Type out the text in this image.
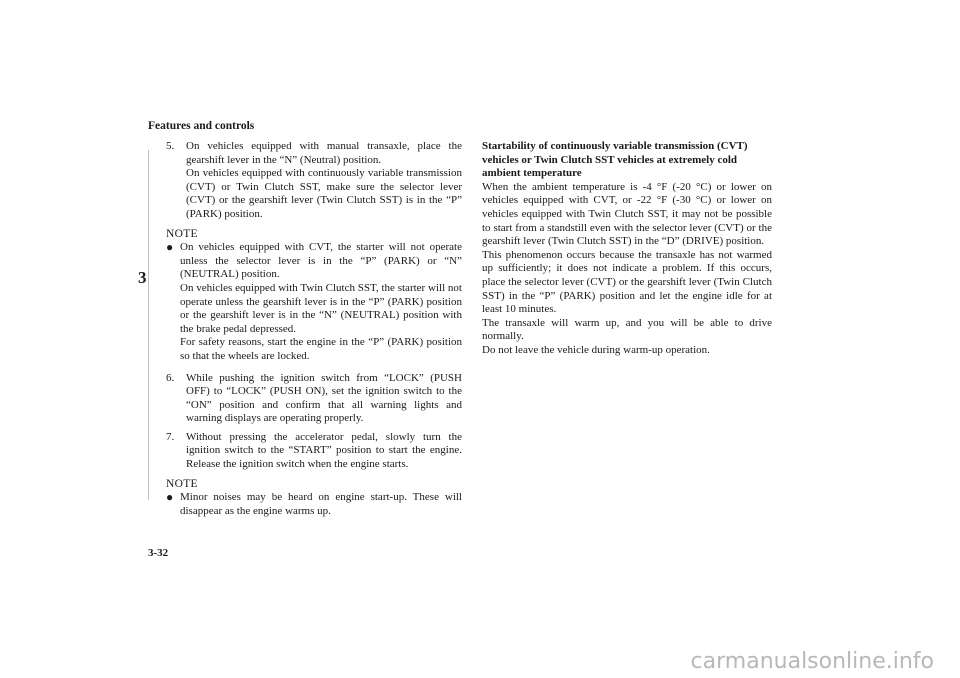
Features and controls
3
3-32
5.	On vehicles equipped with manual transaxle, place the gearshift lever in the “N” (Neutral) position.

On vehicles equipped with continuously variable transmission (CVT) or Twin Clutch SST, make sure the selector lever (CVT) or the gearshift lever (Twin Clutch SST) is in the “P” (PARK) position.

NOTE
● On vehicles equipped with CVT, the starter will not operate unless the selector lever is in the “P” (PARK) or “N” (NEUTRAL) position.

On vehicles equipped with Twin Clutch SST, the starter will not operate unless the gearshift lever is in the “P” (PARK) position or the gearshift lever is in the “N” (NEUTRAL) position with the brake pedal depressed.

For safety reasons, start the engine in the “P” (PARK) position so that the wheels are locked.

6.	While pushing the ignition switch from “LOCK” (PUSH OFF) to “LOCK” (PUSH ON), set the ignition switch to the “ON” position and confirm that all warning lights and warning displays are operating properly.
7.	Without pressing the accelerator pedal, slowly turn the ignition switch to the “START” position to start the engine. Release the ignition switch when the engine starts.
NOTE
● Minor noises may be heard on engine start-up. These will disappear as the engine warms up.

Startability of continuously variable transmission (CVT) vehicles or Twin Clutch SST vehicles at extremely cold ambient temperature

When the ambient temperature is -4 °F (-20 °C) or lower on vehicles equipped with CVT, or -22 °F (-30 °C) or lower on vehicles equipped with Twin Clutch SST, it may not be possible to start from a standstill even with the selector lever (CVT) or the gearshift lever (Twin Clutch SST) in the “D” (DRIVE) position.

This phenomenon occurs because the transaxle has not warmed up sufficiently; it does not indicate a problem. If this occurs, place the selector lever (CVT) or the gearshift lever (Twin Clutch SST) in the “P” (PARK) position and let the engine idle for at least 10 minutes.

The transaxle will warm up, and you will be able to drive normally.

Do not leave the vehicle during warm-up operation.

carmanualsonline.info
